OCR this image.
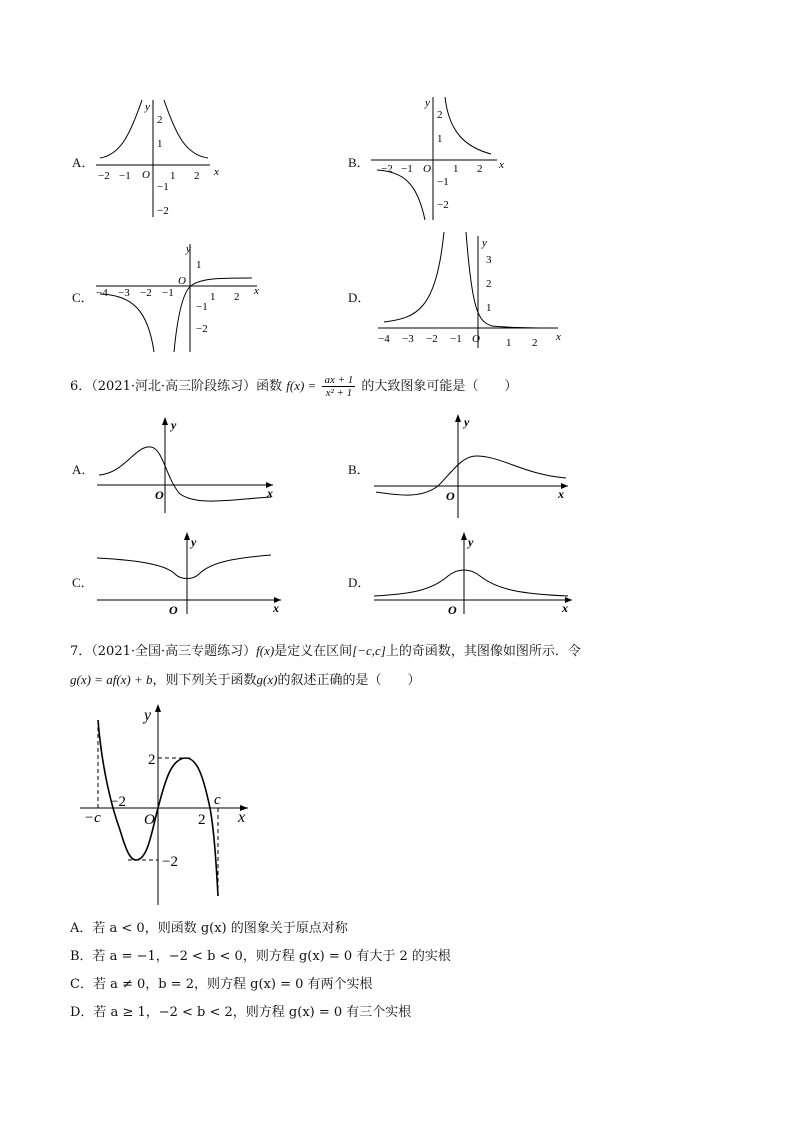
A．
y
x
O
−2 −1	1 2
2
1
−1
−2
B．
y
x
O
−2 −1	1 2
2
1
−1
−2
C．
y
x
O
−4 −3 −2 −1	1 2
1
−1
−2
D．
y
x
O
−4 −3 −2 −1	1 2
3
2
1
6．（2021·河北·高三阶段练习）函数 $f(x) = \frac{ax + 1}{\text{x² + 1}}$ 的大致图象可能是（　　）
A．
y
x
O
B．
y
x
O
C．
y
x
O
D．
y
x
O
7．（2021·全国·高三专题练习）f(x)是定义在区间[−c,c]上的奇函数，其图像如图所示．令
g(x) = af(x) + b，则下列关于函数g(x)的叙述正确的是（　　）
y
x
O
2
−2
−2
2
−c
c
A．若 a < 0，则函数 g(x) 的图象关于原点对称
B．若 a = −1，−2 < b < 0，则方程 g(x) = 0 有大于 2 的实根
C．若 a ≠ 0，b = 2，则方程 g(x) = 0 有两个实根
D．若 a ≥ 1，−2 < b < 2，则方程 g(x) = 0 有三个实根
